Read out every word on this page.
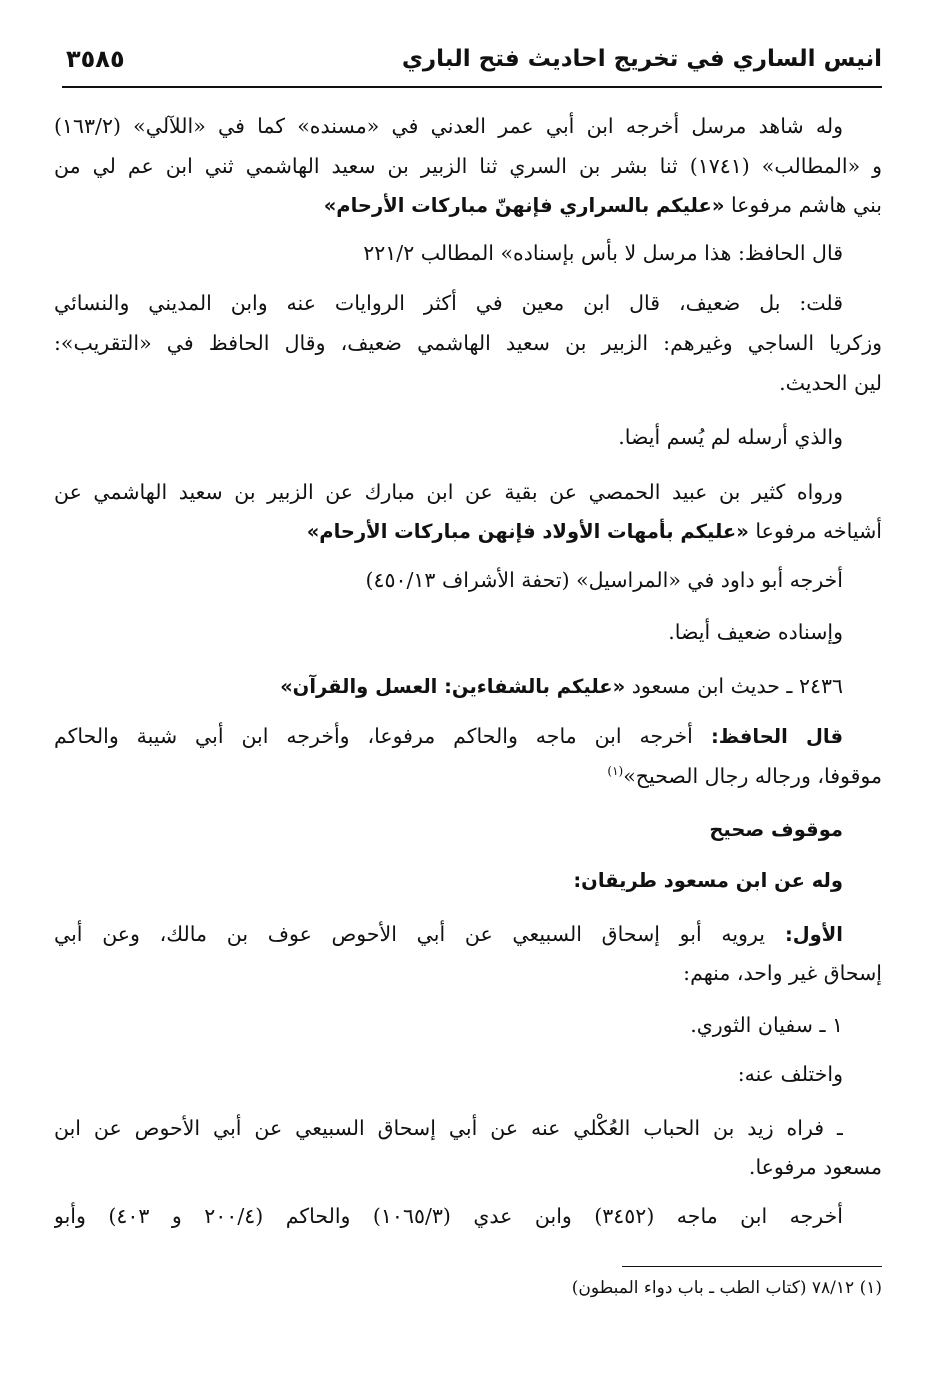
انيس الساري في تخريج احاديث فتح الباري
٣٥٨٥
وله شاهد مرسل أخرجه ابن أبي عمر العدني في «مسنده» كما في «اللآلي» (١٦٣/٢)
و «المطالب» (١٧٤١) ثنا بشر بن السري ثنا الزبير بن سعيد الهاشمي ثني ابن عم لي من
بني هاشم مرفوعا «عليكم بالسراري فإنهنّ مباركات الأرحام»
قال الحافظ: هذا مرسل لا بأس بإسناده» المطالب ٢٢١/٢
قلت: بل ضعيف، قال ابن معين في أكثر الروايات عنه وابن المديني والنسائي
وزكريا الساجي وغيرهم: الزبير بن سعيد الهاشمي ضعيف، وقال الحافظ في «التقريب»:
لين الحديث.
والذي أرسله لم يُسم أيضا.
ورواه كثير بن عبيد الحمصي عن بقية عن ابن مبارك عن الزبير بن سعيد الهاشمي عن
أشياخه مرفوعا «عليكم بأمهات الأولاد فإنهن مباركات الأرحام»
أخرجه أبو داود في «المراسيل» (تحفة الأشراف ٤٥٠/١٣)
وإسناده ضعيف أيضا.
٢٤٣٦ ـ حديث ابن مسعود «عليكم بالشفاءين: العسل والقرآن»
قال الحافظ: أخرجه ابن ماجه والحاكم مرفوعا، وأخرجه ابن أبي شيبة والحاكم
موقوفا، ورجاله رجال الصحيح»$^{(١)}$
موقوف صحيح
وله عن ابن مسعود طريقان:
الأول: يرويه أبو إسحاق السبيعي عن أبي الأحوص عوف بن مالك، وعن أبي
إسحاق غير واحد، منهم:
١ ـ سفيان الثوري.
واختلف عنه:
ـ فراه زيد بن الحباب العُكْلي عنه عن أبي إسحاق السبيعي عن أبي الأحوص عن ابن
مسعود مرفوعا.
أخرجه ابن ماجه (٣٤٥٢) وابن عدي (١٠٦٥/٣) والحاكم (٢٠٠/٤ و ٤٠٣) وأبو
(١) ٧٨/١٢ (كتاب الطب ـ باب دواء المبطون)
